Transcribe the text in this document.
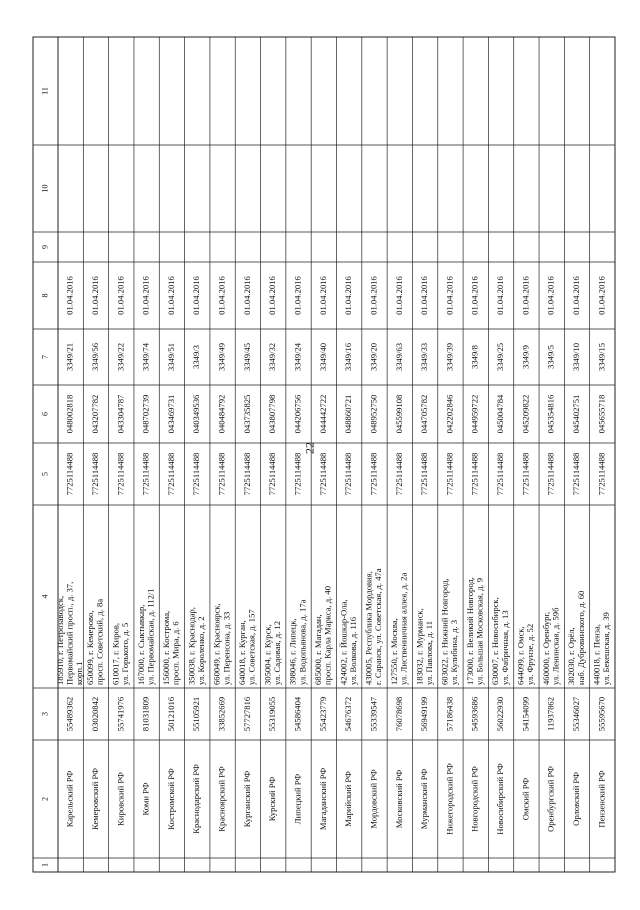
22
1
2
3
4
5
6
7
8
9
10
11
Карельский РФ
55489362
185910, г. Петрозаводск, Первомайский просп., д. 37, корп.1
7725114488
048002818
3349/21
01.04.2016
Кемеровский РФ
03020842
650099, г. Кемерово, просп. Советский, д. 8а
7725114488
043207782
3349/56
01.04.2016
Кировский РФ
55741976
610017, г. Киров, ул. Горького, д. 5
7725114488
043304787
3349/22
01.04.2016
Коми РФ
81031809
167000, г. Сыктывкар, ул. Первомайская, д. 112/1
7725114488
048702739
3349/74
01.04.2016
Костромской РФ
50121016
156000, г. Кострома, просп. Мира, д. 6
7725114488
043469731
3349/51
01.04.2016
Краснодарский РФ
55105921
350038, г. Краснодар, ул. Короленко, д. 2
7725114488
040349536
3349/3
01.04.2016
Красноярский РФ
33852669
660049, г. Красноярск, ул. Перенсона, д. 33
7725114488
040484792
3349/49
01.04.2016
Курганский РФ
57727816
640018, г. Курган, ул. Советская, д. 157
7725114488
043735825
3349/45
01.04.2016
Курский РФ
55319055
305004, г. Курск, ул. Садовая, д. 12
7725114488
043807798
3349/32
01.04.2016
Липецкий РФ
54586404
398046, г. Липецк, ул. Водопьянова, д. 17а
7725114488
044206756
3349/24
01.04.2016
Магаданский РФ
55423779
685000, г. Магадан, просп. Карла Маркса, д. 40
7725114488
044442722
3349/40
01.04.2016
Марийский РФ
54676372
424002, г. Йошкар-Ола, ул. Волкова, д. 116
7725114488
048860721
3349/16
01.04.2016
Мордовский РФ
55339547
430005, Республика Мордовия, г. Саранск, ул. Советская, д. 47а
7725114488
048952750
3349/20
01.04.2016
Московский РФ
76078698
127550, г. Москва, ул. Лиственничная аллея, д. 2а
7725114488
045599108
3349/63
01.04.2016
Мурманский РФ
56949199
183032, г. Мурманск, ул. Павлова, д. 11
7725114488
044705782
3349/33
01.04.2016
Нижегородский РФ
57186438
603022, г. Нижний Новгород, ул. Кулибина, д. 3
7725114488
042202846
3349/39
01.04.2016
Новгородский РФ
54593686
173000, г. Великий Новгород, ул. Большая Московская, д. 9
7725114488
044959722
3349/8
01.04.2016
Новосибирский РФ
56022930
630007, г. Новосибирск, ул. Фабричная, д. 13
7725114488
045004784
3349/25
01.04.2016
Омский РФ
54154099
644099, г. Омск, ул. Фрунзе, д. 52
7725114488
045209822
3349/9
01.04.2016
Оренбургский РФ
11937862
460000, г. Оренбург, ул. Ленинская, д. 59б
7725114488
045354816
3349/5
01.04.2016
Орловский РФ
55346027
302030, г. Орёл, наб. Дубровинского, д. 60
7725114488
045402751
3349/10
01.04.2016
Пензенский РФ
55595670
440018, г. Пенза, ул. Бекешская, д. 39
7725114488
045655718
3349/15
01.04.2016
